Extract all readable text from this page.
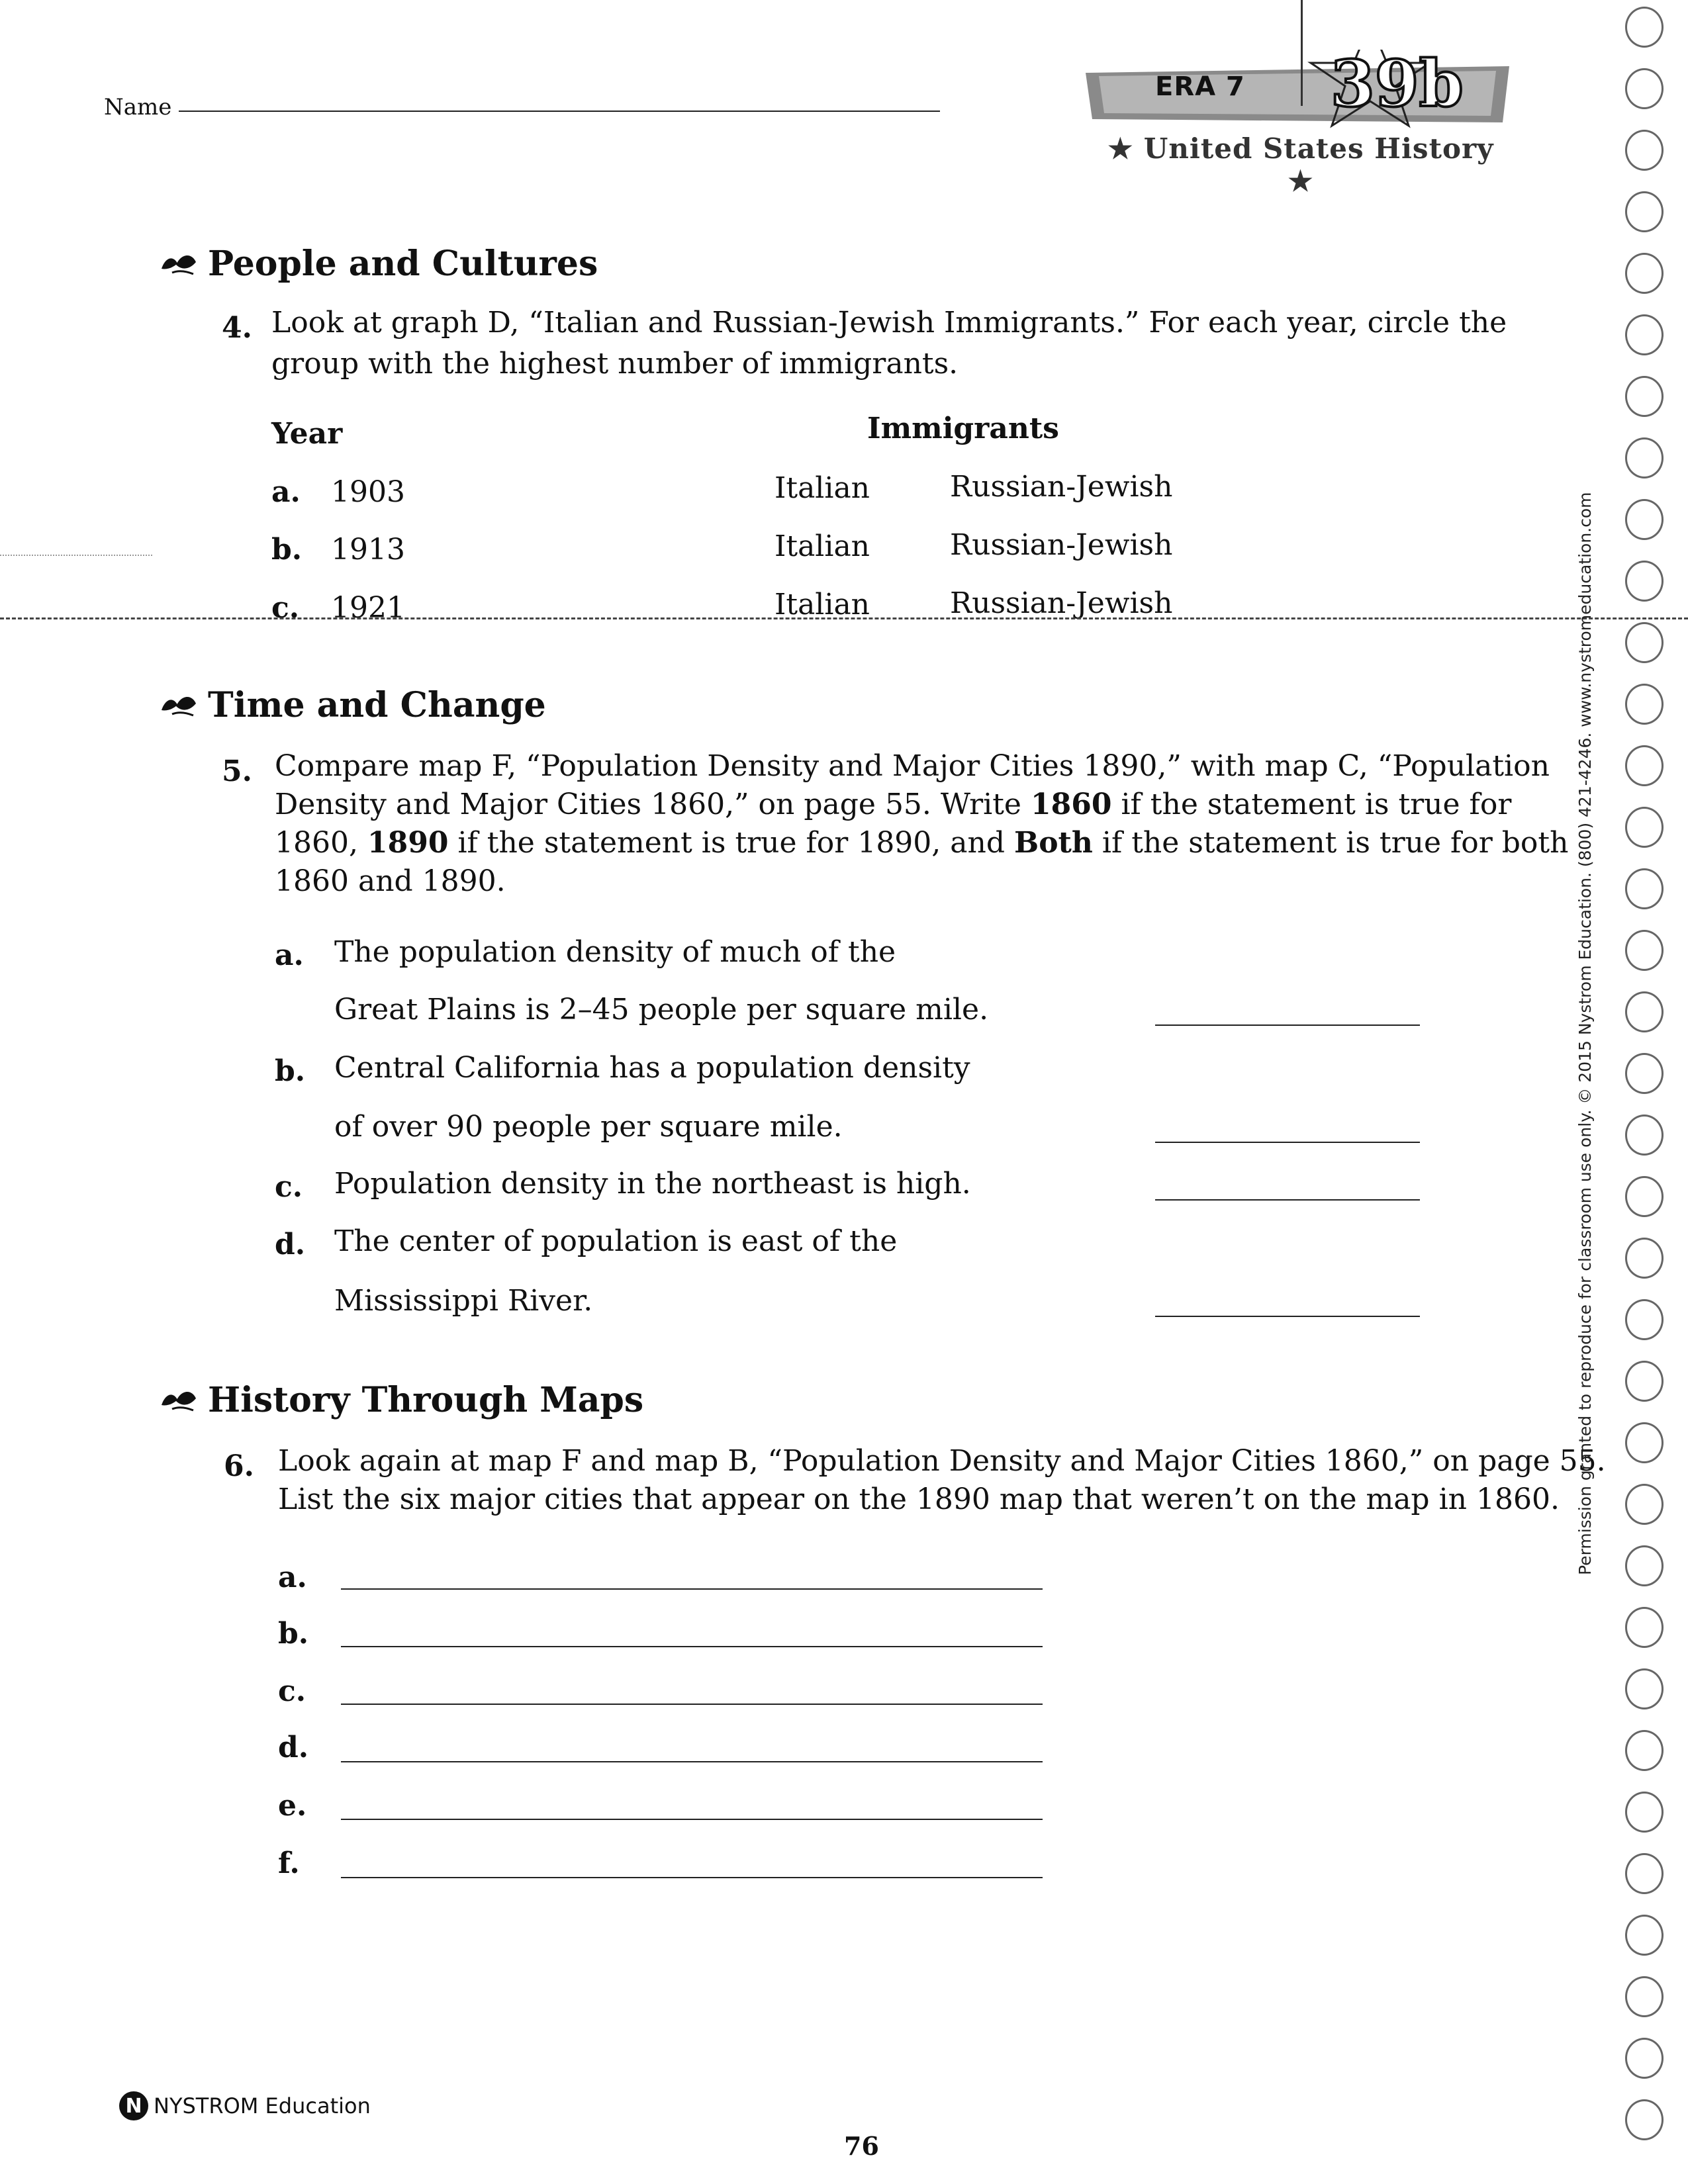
Name
ERA 7 39b
★ United States History ★
People and Cultures
4. Look at graph D, “Italian and Russian-Jewish Immigrants.” For each year, circle the
group with the highest number of immigrants.
Year	Immigrants
a. 1903	Italian	Russian-Jewish
b. 1913	Italian	Russian-Jewish
c. 1921	Italian	Russian-Jewish
Time and Change
5. Compare map F, “Population Density and Major Cities 1890,” with map C, “Population
Density and Major Cities 1860,” on page 55. Write 1860 if the statement is true for
1860, 1890 if the statement is true for 1890, and Both if the statement is true for both
1860 and 1890.
a. The population density of much of the
Great Plains is 2–45 people per square mile.
b. Central California has a population density
of over 90 people per square mile.
c. Population density in the northeast is high.
d. The center of population is east of the
Mississippi River.
History Through Maps
6. Look again at map F and map B, “Population Density and Major Cities 1860,” on page 55.
List the six major cities that appear on the 1890 map that weren’t on the map in 1860.
a.
b.
c.
d.
e.
f.
Permission granted to reproduce for classroom use only. © 2015 Nystrom Education. (800) 421-4246. www.nystromeducation.com
N NYSTROM Education
76
